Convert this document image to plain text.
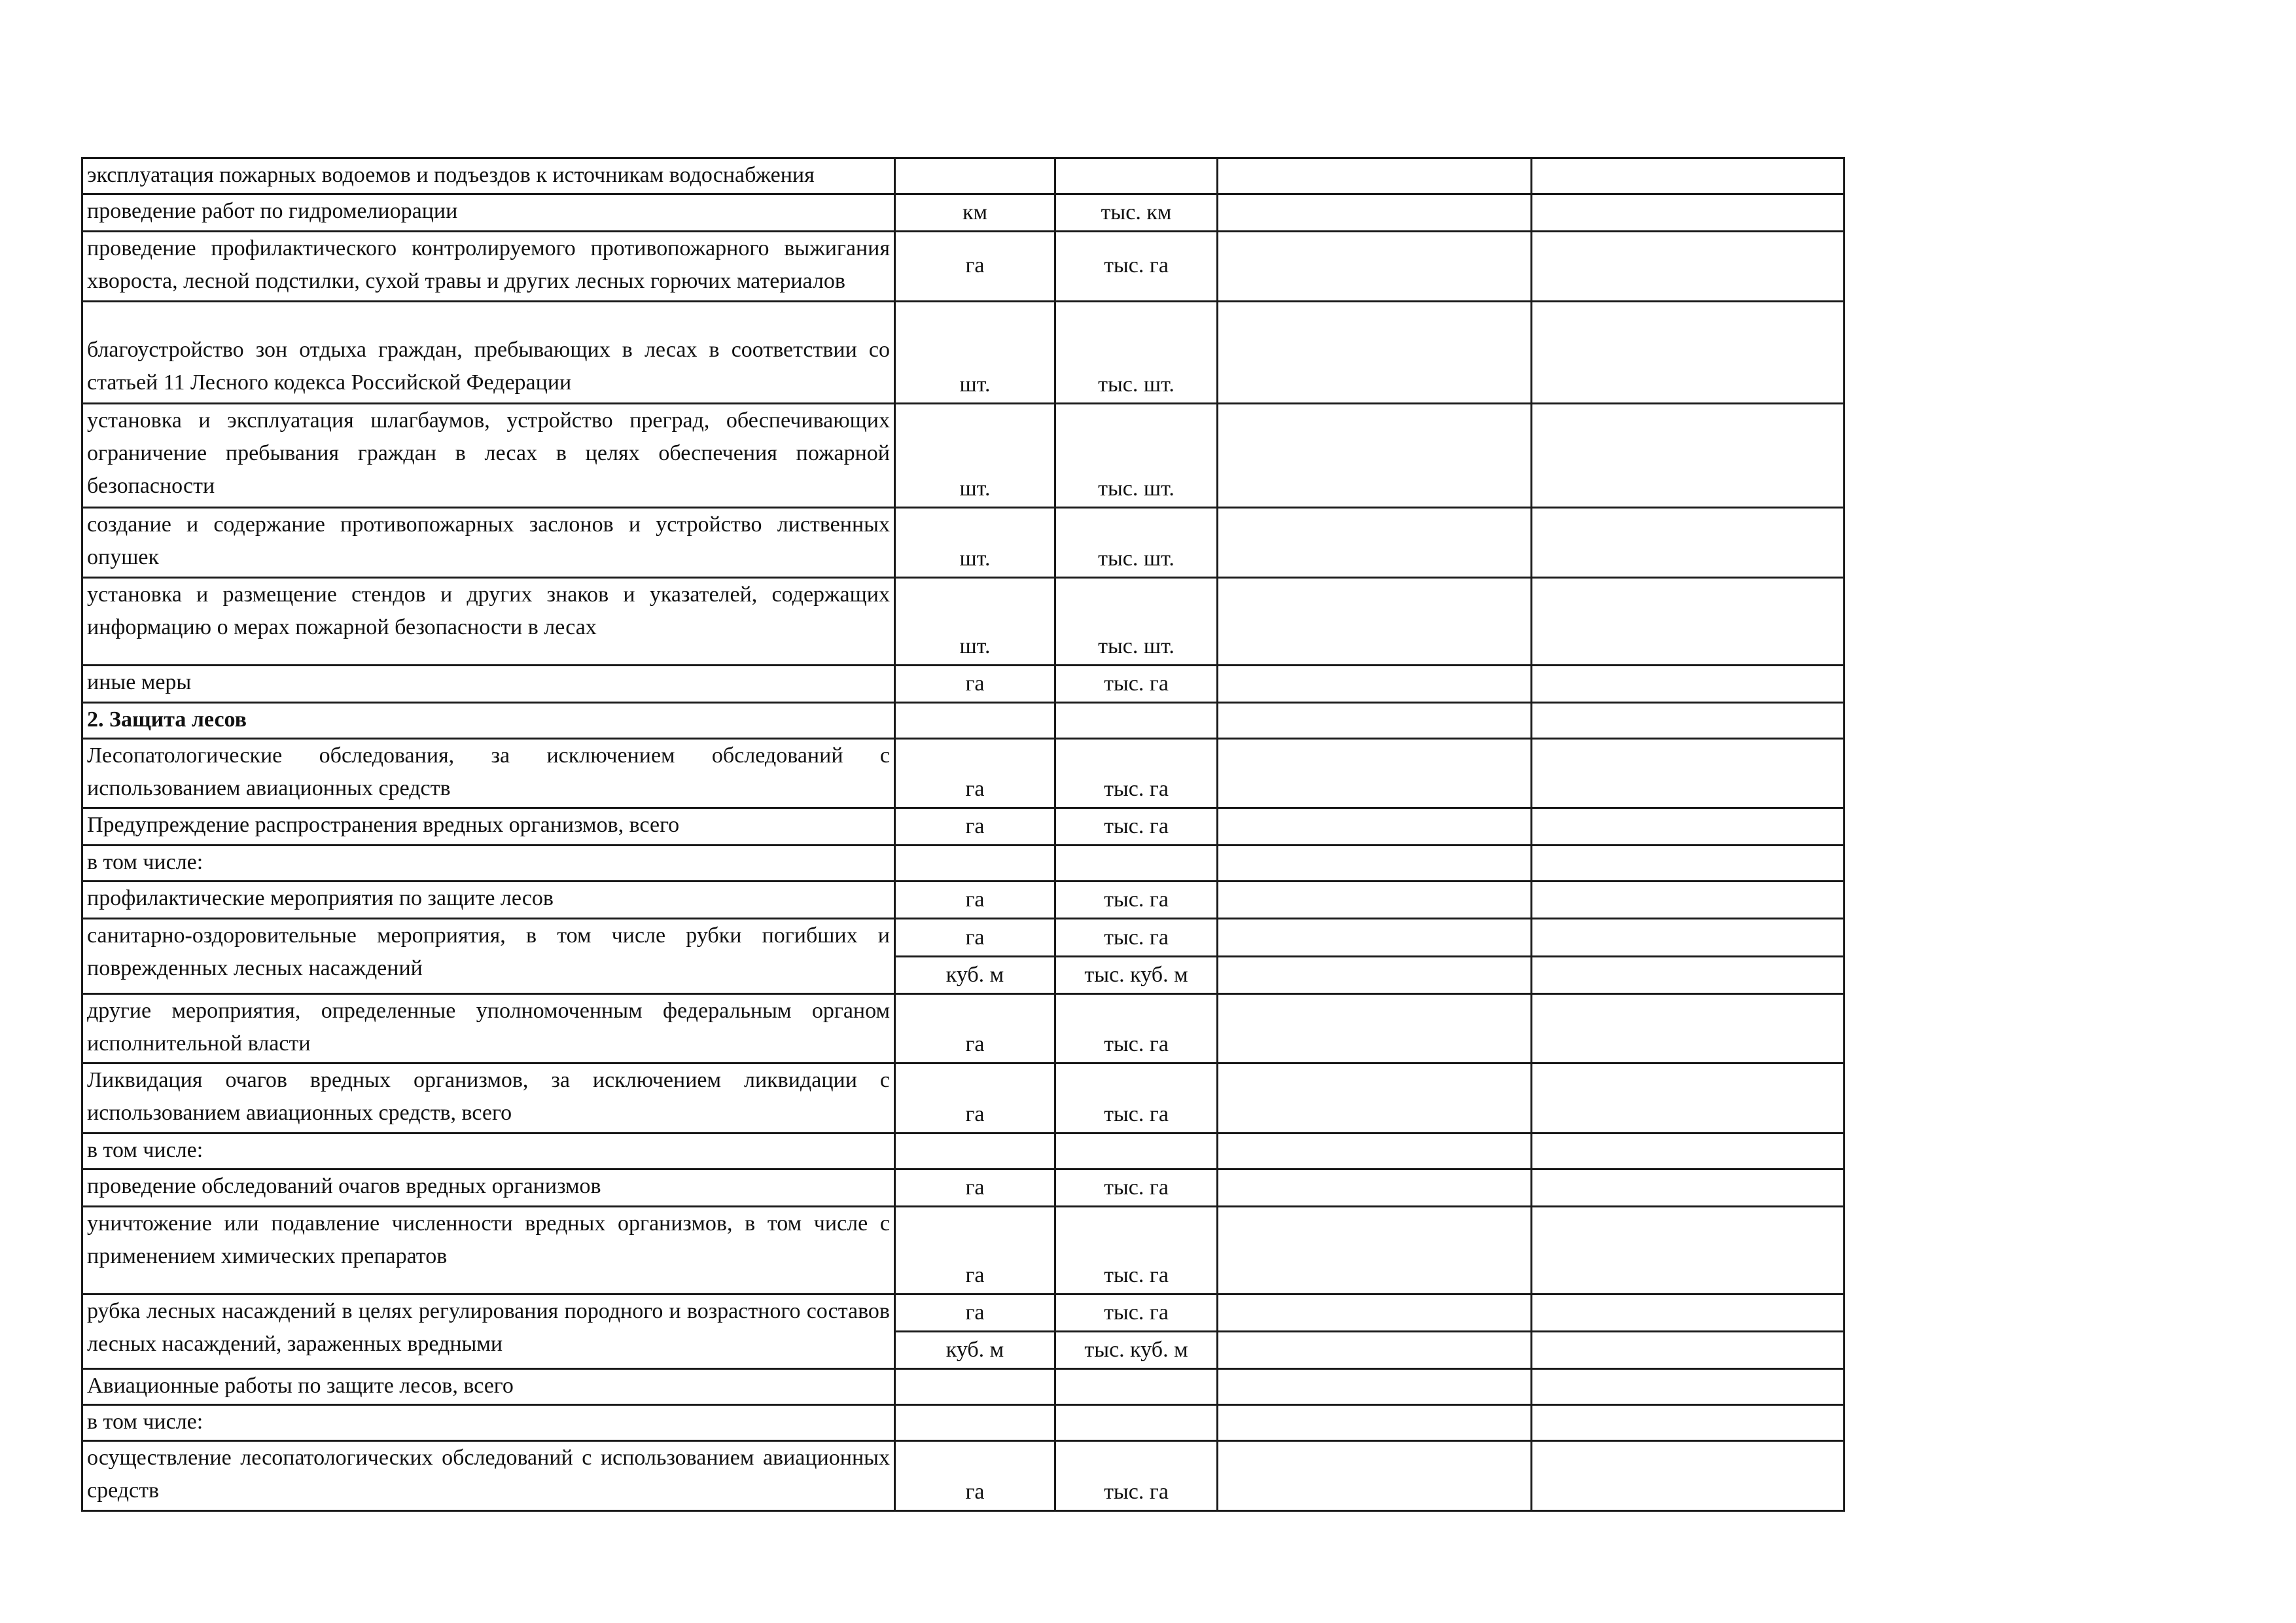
эксплуатация пожарных водоемов и подъездов к источникам водоснабжения				
проведение работ по гидромелиорации	км	тыс. км		
проведение профилактического контролируемого противопожарного выжигания хвороста, лесной подстилки, сухой травы и других лесных горючих материалов	га	тыс. га		
благоустройство зон отдыха граждан, пребывающих в лесах в соответствии со статьей 11 Лесного кодекса Российской Федерации	шт.	тыс. шт.		
установка и эксплуатация шлагбаумов, устройство преград, обеспечивающих ограничение пребывания граждан в лесах в целях обеспечения пожарной безопасности	шт.	тыс. шт.		
создание и содержание противопожарных заслонов и устройство лиственных опушек	шт.	тыс. шт.		
установка и размещение стендов и других знаков и указателей, содержащих информацию о мерах пожарной безопасности в лесах	шт.	тыс. шт.		
иные меры	га	тыс. га		
2. Защита лесов				
Лесопатологические обследования, за исключением обследований с использованием авиационных средств	га	тыс. га		
Предупреждение распространения вредных организмов, всего	га	тыс. га		
в том числе:				
профилактические мероприятия по защите лесов	га	тыс. га		
санитарно-оздоровительные мероприятия, в том числе рубки погибших и поврежденных лесных насаждений	га	тыс. га		
	куб. м	тыс. куб. м		
другие мероприятия, определенные уполномоченным федеральным органом исполнительной власти	га	тыс. га		
Ликвидация очагов вредных организмов, за исключением ликвидации с использованием авиационных средств, всего	га	тыс. га		
в том числе:				
проведение обследований очагов вредных организмов	га	тыс. га		
уничтожение или подавление численности вредных организмов, в том числе с применением химических препаратов	га	тыс. га		
рубка лесных насаждений в целях регулирования породного и возрастного составов лесных насаждений, зараженных вредными	га	тыс. га		
	куб. м	тыс. куб. м		
Авиационные работы по защите лесов, всего				
в том числе:				
осуществление лесопатологических обследований с использованием авиационных средств	га	тыс. га		
